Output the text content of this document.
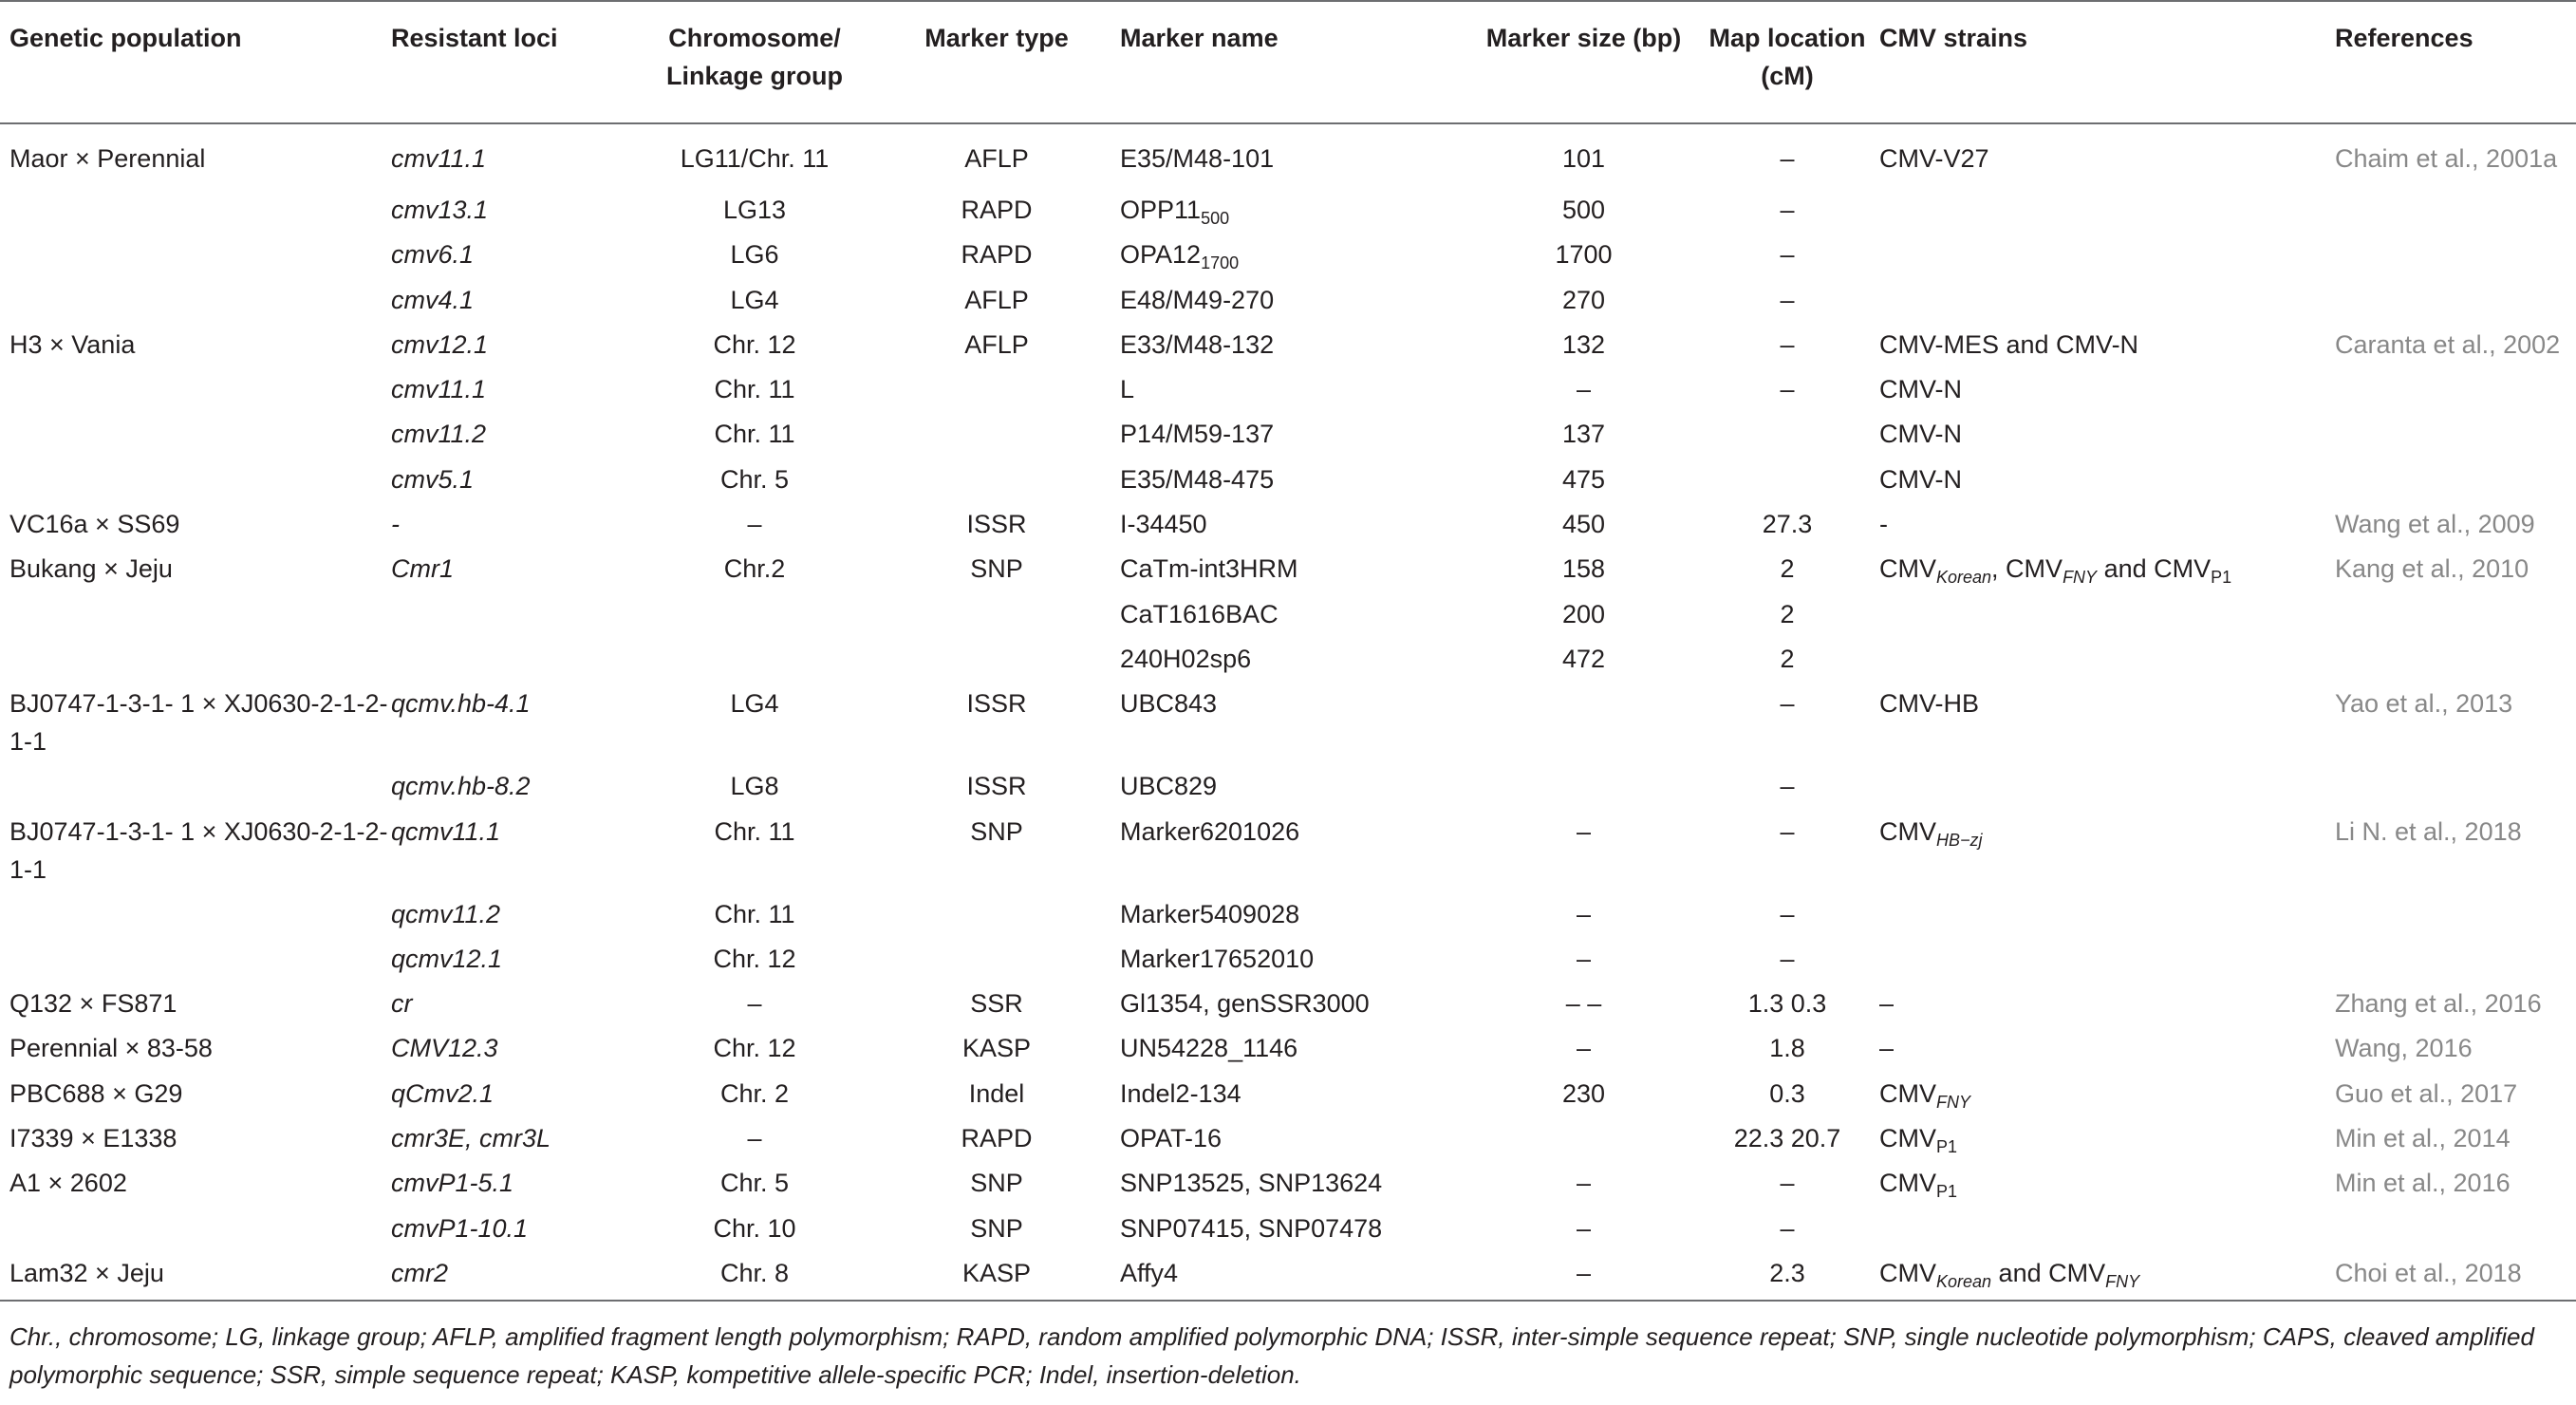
Genetic population	Resistant loci	Chromosome/ Linkage group	Marker type	Marker name	Marker size (bp)	Map location (cM)	CMV strains	References
Maor × Perennial	cmv11.1	LG11/Chr. 11	AFLP	E35/M48-101	101	–	CMV-V27	Chaim et al., 2001a
	cmv13.1	LG13	RAPD	$OPP11_{500}$	500	–		
	cmv6.1	LG6	RAPD	$OPA12_{1700}$	1700	–		
	cmv4.1	LG4	AFLP	E48/M49-270	270	–		
H3 × Vania	cmv12.1	Chr. 12	AFLP	E33/M48-132	132	–	CMV-MES and CMV-N	Caranta et al., 2002
	cmv11.1	Chr. 11		L	–	–	CMV-N	
	cmv11.2	Chr. 11		P14/M59-137	137		CMV-N	
	cmv5.1	Chr. 5		E35/M48-475	475		CMV-N	
VC16a × SS69	-	–	ISSR	I-34450	450	27.3	-	Wang et al., 2009
Bukang × Jeju	Cmr1	Chr.2	SNP	CaTm-int3HRM	158	2	$CMV_{Korean}$, $CMV_{FNY}$ and $CMV_{P1}$	Kang et al., 2010
				CaT1616BAC	200	2		
				240H02sp6	472	2		
BJ0747-1-3-1- 1 × XJ0630-2-1-2-1-1	qcmv.hb-4.1	LG4	ISSR	UBC843		–	CMV-HB	Yao et al., 2013
	qcmv.hb-8.2	LG8	ISSR	UBC829		–		
BJ0747-1-3-1- 1 × XJ0630-2-1-2-1-1	qcmv11.1	Chr. 11	SNP	Marker6201026	–	–	$CMV_{HB-zj}$	Li N. et al., 2018
	qcmv11.2	Chr. 11		Marker5409028	–	–		
	qcmv12.1	Chr. 12		Marker17652010	–	–		
Q132 × FS871	cr	–	SSR	Gl1354, genSSR3000	– –	1.3 0.3	–	Zhang et al., 2016
Perennial × 83-58	CMV12.3	Chr. 12	KASP	UN54228_1146	–	1.8	–	Wang, 2016
PBC688 × G29	qCmv2.1	Chr. 2	Indel	Indel2-134	230	0.3	$CMV_{FNY}$	Guo et al., 2017
I7339 × E1338	cmr3E, cmr3L	–	RAPD	OPAT-16		22.3 20.7	$CMV_{P1}$	Min et al., 2014
A1 × 2602	cmvP1-5.1	Chr. 5	SNP	SNP13525, SNP13624	–	–	$CMV_{P1}$	Min et al., 2016
	cmvP1-10.1	Chr. 10	SNP	SNP07415, SNP07478	–	–		
Lam32 × Jeju	cmr2	Chr. 8	KASP	Affy4	–	2.3	$CMV_{Korean}$ and $CMV_{FNY}$	Choi et al., 2018
Chr., chromosome; LG, linkage group; AFLP, amplified fragment length polymorphism; RAPD, random amplified polymorphic DNA; ISSR, inter-simple sequence repeat; SNP, single nucleotide polymorphism; CAPS, cleaved amplified polymorphic sequence; SSR, simple sequence repeat; KASP, kompetitive allele-specific PCR; Indel, insertion-deletion.
